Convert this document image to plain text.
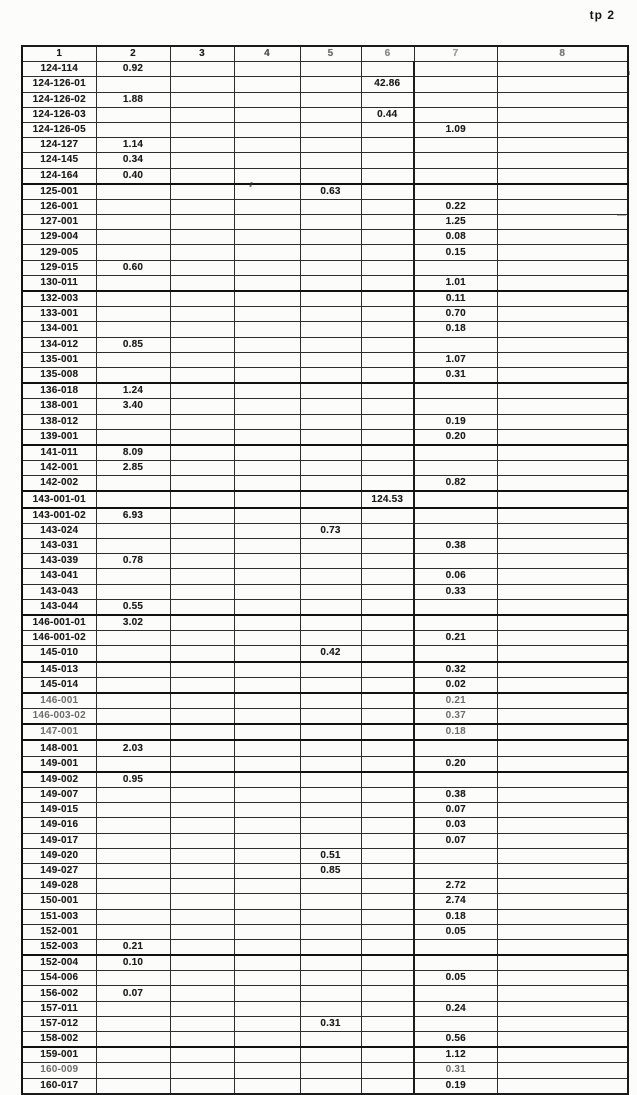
tp 2
1	2	3	4	5	6	7	8
124-114	0.92						
124-126-01					42.86		
124-126-02	1.88						
124-126-03					0.44		
124-126-05						1.09	
124-127	1.14						
124-145	0.34						
124-164	0.40						
125-001				0.63			
126-001						0.22	
127-001						1.25	
129-004						0.08	
129-005						0.15	
129-015	0.60						
130-011						1.01	
132-003						0.11	
133-001						0.70	
134-001						0.18	
134-012	0.85						
135-001						1.07	
135-008						0.31	
136-018	1.24						
138-001	3.40						
138-012						0.19	
139-001						0.20	
141-011	8.09						
142-001	2.85						
142-002						0.82	
143-001-01					124.53		
143-001-02	6.93						
143-024				0.73			
143-031						0.38	
143-039	0.78						
143-041						0.06	
143-043						0.33	
143-044	0.55						
146-001-01	3.02						
146-001-02						0.21	
145-010				0.42			
145-013						0.32	
145-014						0.02	
146-001						0.21	
146-003-02						0.37	
147-001						0.18	
148-001	2.03						
149-001						0.20	
149-002	0.95						
149-007						0.38	
149-015						0.07	
149-016						0.03	
149-017						0.07	
149-020				0.51			
149-027				0.85			
149-028						2.72	
150-001						2.74	
151-003						0.18	
152-001						0.05	
152-003	0.21						
152-004	0.10						
154-006						0.05	
156-002	0.07						
157-011						0.24	
157-012				0.31			
158-002						0.56	
159-001						1.12	
160-009						0.31	
160-017						0.19	
